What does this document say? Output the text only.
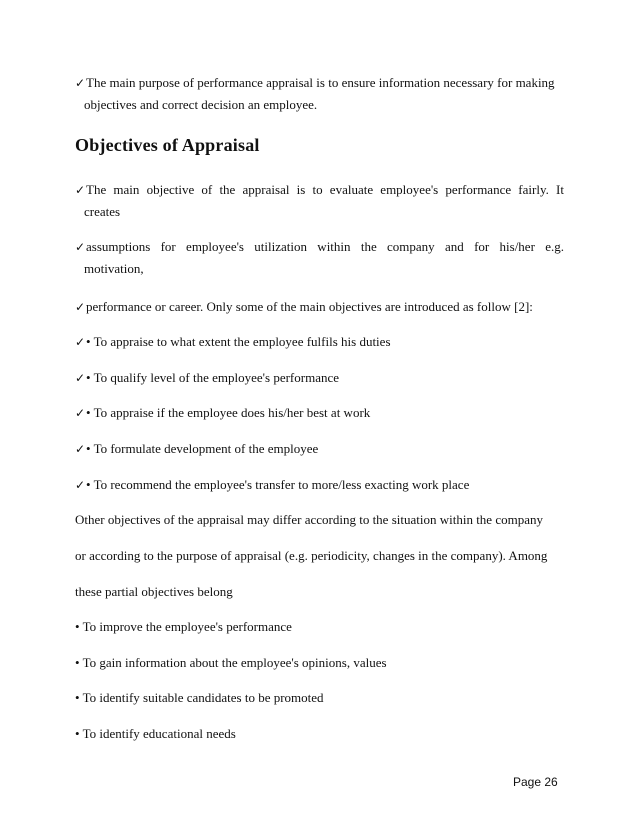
✓The main purpose of performance appraisal is to ensure information necessary for making
objectives and correct decision an employee.
Objectives of Appraisal
✓The main objective of the appraisal is to evaluate employee's performance fairly. It
creates
✓assumptions for employee's utilization within the company and for his/her e.g.
motivation,
✓performance or career. Only some of the main objectives are introduced as follow [2]:
✓• To appraise to what extent the employee fulfils his duties
✓• To qualify level of the employee's performance
✓• To appraise if the employee does his/her best at work
✓• To formulate development of the employee
✓• To recommend the employee's transfer to more/less exacting work place
Other objectives of the appraisal may differ according to the situation within the company
or according to the purpose of appraisal (e.g. periodicity, changes in the company). Among
these partial objectives belong
• To improve the employee's performance
• To gain information about the employee's opinions, values
• To identify suitable candidates to be promoted
• To identify educational needs
Page 26
